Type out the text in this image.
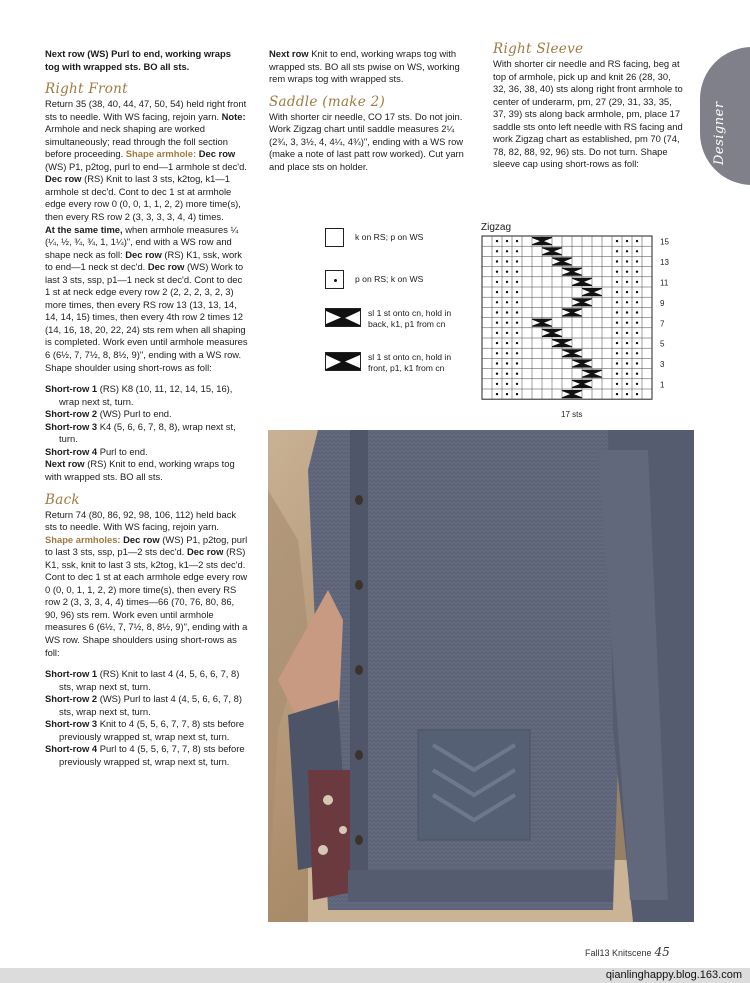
Designer

Next row (WS) Purl to end, working wraps tog with wrapped sts. BO all sts.

Right Front

Return 35 (38, 40, 44, 47, 50, 54) held right front sts to needle. With WS facing, rejoin yarn. Note: Armhole and neck shaping are worked simultaneously; read through the foll section before proceeding. Shape armhole: Dec row (WS) P1, p2tog, purl to end—1 armhole st dec'd. Dec row (RS) Knit to last 3 sts, k2tog, k1—1 armhole st dec'd. Cont to dec 1 st at armhole edge every row 0 (0, 0, 1, 1, 2, 2) more time(s), then every RS row 2 (3, 3, 3, 3, 4, 4) times.
At the same time, when armhole measures ¼ (¼, ½, ¾, ¾, 1, 1¼)", end with a WS row and shape neck as foll: Dec row (RS) K1, ssk, work to end—1 neck st dec'd. Dec row (WS) Work to last 3 sts, ssp, p1—1 neck st dec'd. Cont to dec 1 st at neck edge every row 2 (2, 2, 2, 3, 2, 3) more times, then every RS row 13 (13, 13, 14, 14, 14, 15) times, then every 4th row 2 times 12 (14, 16, 18, 20, 22, 24) sts rem when all shaping is completed. Work even until armhole measures 6 (6½, 7, 7½, 8, 8½, 9)", ending with a WS row. Shape shoulder using short-rows as foll:

Short-row 1 (RS) K8 (10, 11, 12, 14, 15, 16), wrap next st, turn.

Short-row 2 (WS) Purl to end.

Short-row 3 K4 (5, 6, 6, 7, 8, 8), wrap next st, turn.

Short-row 4 Purl to end.

Next row (RS) Knit to end, working wraps tog with wrapped sts. BO all sts.

Back

Return 74 (80, 86, 92, 98, 106, 112) held back sts to needle. With WS facing, rejoin yarn. Shape armholes: Dec row (WS) P1, p2tog, purl to last 3 sts, ssp, p1—2 sts dec'd. Dec row (RS) K1, ssk, knit to last 3 sts, k2tog, k1—2 sts dec'd. Cont to dec 1 st at each armhole edge every row 0 (0, 0, 1, 1, 2, 2) more time(s), then every RS row 2 (3, 3, 3, 4, 4) times—66 (70, 76, 80, 86, 90, 96) sts rem. Work even until armhole measures 6 (6½, 7, 7½, 8, 8½, 9)", ending with a WS row. Shape shoulders using short-rows as foll:

Short-row 1 (RS) Knit to last 4 (4, 5, 6, 6, 7, 8) sts, wrap next st, turn.

Short-row 2 (WS) Purl to last 4 (4, 5, 6, 6, 7, 8) sts, wrap next st, turn.

Short-row 3 Knit to 4 (5, 5, 6, 7, 7, 8) sts before previously wrapped st, wrap next st, turn.

Short-row 4 Purl to 4 (5, 5, 6, 7, 7, 8) sts before previously wrapped st, wrap next st, turn.

Next row Knit to end, working wraps tog with wrapped sts. BO all sts pwise on WS, working rem wraps tog with wrapped sts.

Saddle (make 2)

With shorter cir needle, CO 17 sts. Do not join. Work Zigzag chart until saddle measures 2¼ (2¾, 3, 3½, 4, 4¼, 4¾)", ending with a WS row (make a note of last patt row worked). Cut yarn and place sts on holder.

Right Sleeve

With shorter cir needle and RS facing, beg at top of armhole, pick up and knit 26 (28, 30, 32, 36, 38, 40) sts along right front armhole to center of underarm, pm, 27 (29, 31, 33, 35, 37, 39) sts along back armhole, pm, place 17 saddle sts onto left needle with RS facing and work Zigzag chart as established, pm 70 (74, 78, 82, 88, 92, 96) sts. Do not turn. Shape sleeve cap using short-rows as foll:

k on RS; p on WS
p on RS; k on WS
sl 1 st onto cn, hold in back, k1, p1 from cn
sl 1 st onto cn, hold in front, p1, k1 from cn
Zigzag
15
13
11
9
7
5
3
1
17 sts
Fall13 Knitscene 45
qianlinghappy.blog.163.com
